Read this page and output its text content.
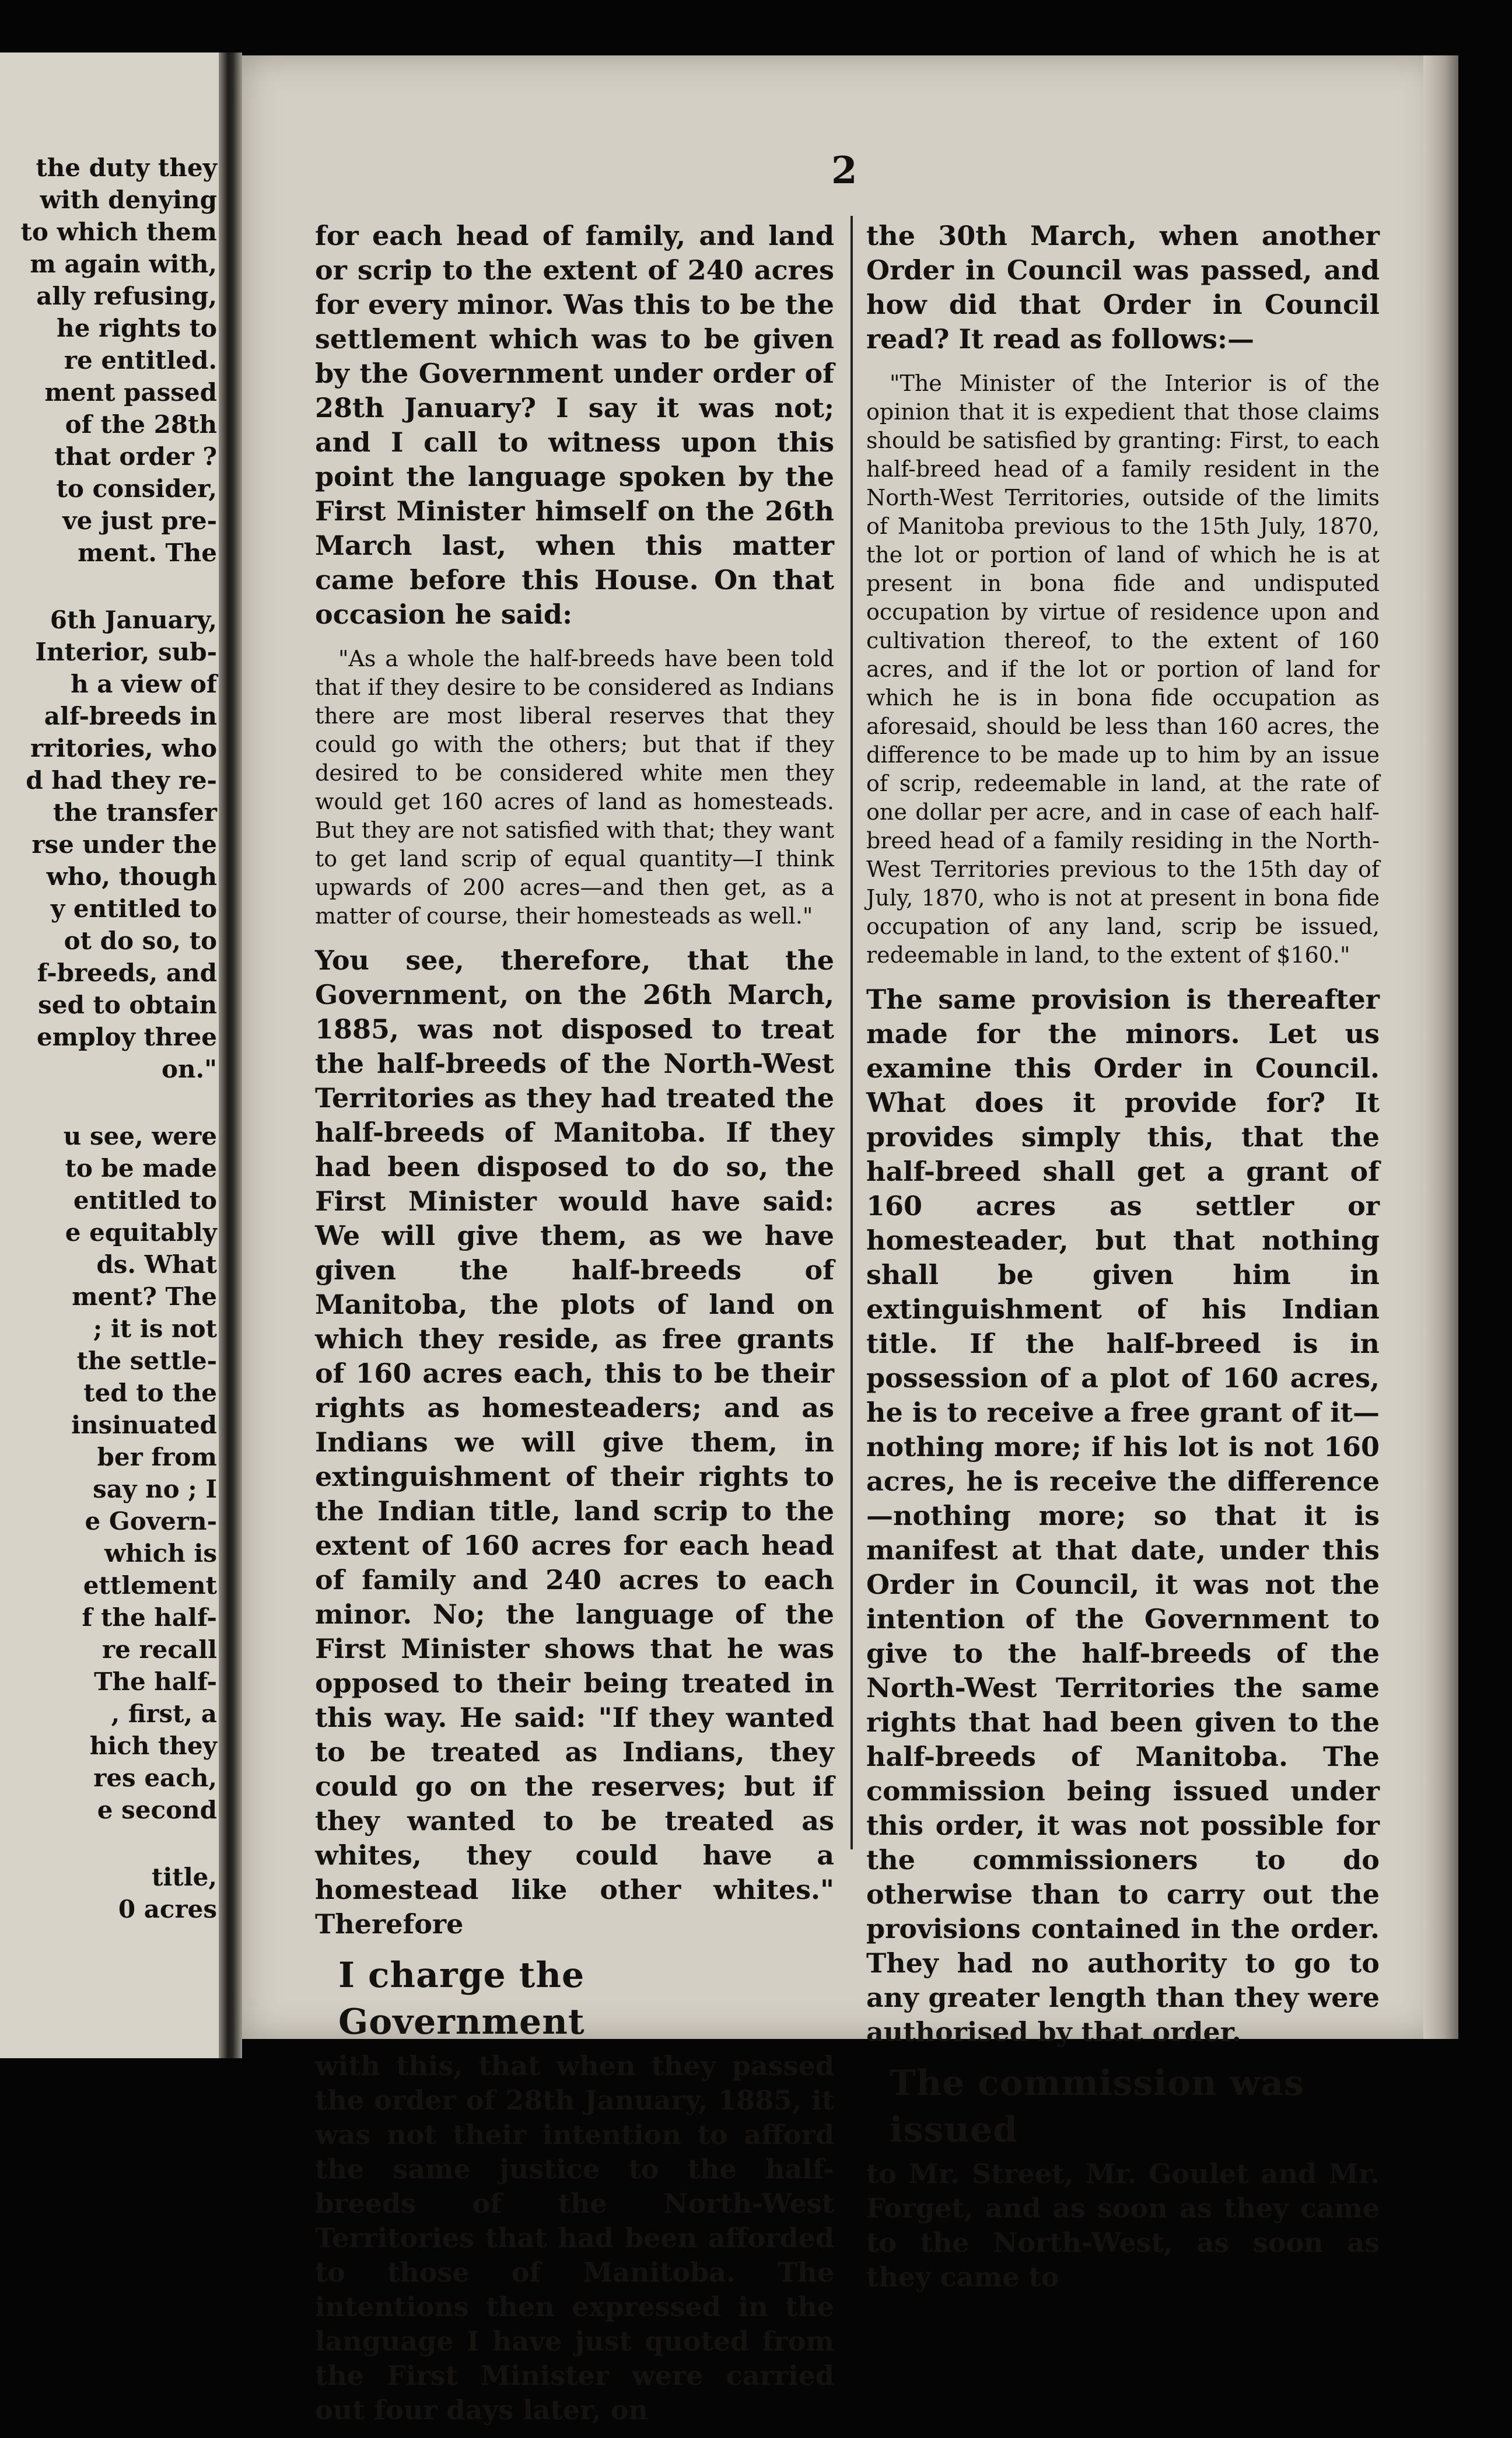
the duty they
with denying
to which them
m again with,
ally refusing,
he rights to
re entitled.
ment passed
of the 28th
that order ?
to consider,
ve just pre-
ment. The
6th January,
Interior, sub-
h a view of
alf-breeds in
rritories, who
d had they re-
the transfer
rse under the
who, though
y entitled to
ot do so, to
f-breeds, and
sed to obtain
employ three
on."
u see, were
to be made
entitled to
e equitably
ds. What
ment? The
; it is not
the settle-
ted to the
insinuated
ber from
say no ; I
e Govern-
which is
ettlement
f the half-
re recall
The half-
, first, a
hich they
res each,
e second
title,
0 acres
2

for each head of family, and land or scrip to the extent of 240 acres for every minor. Was this to be the settlement which was to be given by the Government under order of 28th January? I say it was not; and I call to witness upon this point the language spoken by the First Minister himself on the 26th March last, when this matter came before this House. On that occasion he said:

"As a whole the half-breeds have been told that if they desire to be considered as Indians there are most liberal reserves that they could go with the others; but that if they desired to be considered white men they would get 160 acres of land as homesteads. But they are not satisfied with that; they want to get land scrip of equal quantity—I think upwards of 200 acres—and then get, as a matter of course, their homesteads as well."

You see, therefore, that the Government, on the 26th March, 1885, was not disposed to treat the half-breeds of the North-West Territories as they had treated the half-breeds of Manitoba. If they had been disposed to do so, the First Minister would have said: We will give them, as we have given the half-breeds of Manitoba, the plots of land on which they reside, as free grants of 160 acres each, this to be their rights as homesteaders; and as Indians we will give them, in extinguishment of their rights to the Indian title, land scrip to the extent of 160 acres for each head of family and 240 acres to each minor. No; the language of the First Minister shows that he was opposed to their being treated in this way. He said: "If they wanted to be treated as Indians, they could go on the reserves; but if they wanted to be treated as whites, they could have a homestead like other whites." Therefore

I charge the Government

with this, that when they passed the order of 28th January, 1885, it was not their intention to afford the same justice to the half-breeds of the North-West Territories that had been afforded to those of Manitoba. The intentions then expressed in the language I have just quoted from the First Minister were carried out four days later, on

the 30th March, when another Order in Council was passed, and how did that Order in Council read? It read as follows:—

"The Minister of the Interior is of the opinion that it is expedient that those claims should be satisfied by granting: First, to each half-breed head of a family resident in the North-West Territories, outside of the limits of Manitoba previous to the 15th July, 1870, the lot or portion of land of which he is at present in bona fide and undisputed occupation by virtue of residence upon and cultivation thereof, to the extent of 160 acres, and if the lot or portion of land for which he is in bona fide occupation as aforesaid, should be less than 160 acres, the difference to be made up to him by an issue of scrip, redeemable in land, at the rate of one dollar per acre, and in case of each half-breed head of a family residing in the North-West Territories previous to the 15th day of July, 1870, who is not at present in bona fide occupation of any land, scrip be issued, redeemable in land, to the extent of $160."

The same provision is thereafter made for the minors. Let us examine this Order in Council. What does it provide for? It provides simply this, that the half-breed shall get a grant of 160 acres as settler or homesteader, but that nothing shall be given him in extinguishment of his Indian title. If the half-breed is in possession of a plot of 160 acres, he is to receive a free grant of it—nothing more; if his lot is not 160 acres, he is receive the difference—nothing more; so that it is manifest at that date, under this Order in Council, it was not the intention of the Government to give to the half-breeds of the North-West Territories the same rights that had been given to the half-breeds of Manitoba. The commission being issued under this order, it was not possible for the commissioners to do otherwise than to carry out the provisions contained in the order. They had no authority to go to any greater length than they were authorised by that order.

The commission was issued

to Mr. Street, Mr. Goulet and Mr. Forget, and as soon as they came to the North-West, as soon as they came to
